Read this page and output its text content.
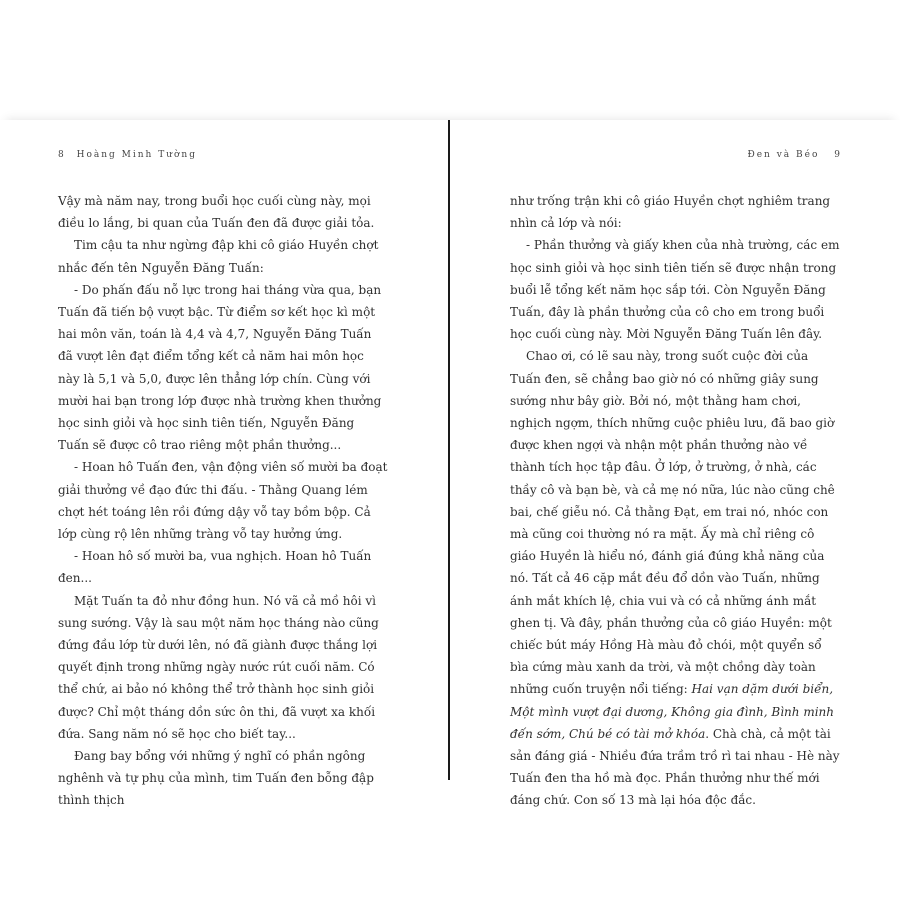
8 Hoàng Minh Tường

Vậy mà năm nay, trong buổi học cuối cùng này, mọi điều lo lắng, bi quan của Tuấn đen đã được giải tỏa.

Tim cậu ta như ngừng đập khi cô giáo Huyền chợt nhắc đến tên Nguyễn Đăng Tuấn:

- Do phấn đấu nỗ lực trong hai tháng vừa qua, bạn Tuấn đã tiến bộ vượt bậc. Từ điểm sơ kết học kì một hai môn văn, toán là 4,4 và 4,7, Nguyễn Đăng Tuấn đã vượt lên đạt điểm tổng kết cả năm hai môn học này là 5,1 và 5,0, được lên thẳng lớp chín. Cùng với mười hai bạn trong lớp được nhà trường khen thưởng học sinh giỏi và học sinh tiên tiến, Nguyễn Đăng Tuấn sẽ được cô trao riêng một phần thưởng...

- Hoan hô Tuấn đen, vận động viên số mười ba đoạt giải thưởng về đạo đức thi đấu. - Thằng Quang lém chợt hét toáng lên rồi đứng dậy vỗ tay bồm bộp. Cả lớp cùng rộ lên những tràng vỗ tay hưởng ứng.

- Hoan hô số mười ba, vua nghịch. Hoan hô Tuấn đen...

Mặt Tuấn ta đỏ như đồng hun. Nó vã cả mồ hôi vì sung sướng. Vậy là sau một năm học tháng nào cũng đứng đầu lớp từ dưới lên, nó đã giành được thắng lợi quyết định trong những ngày nước rút cuối năm. Có thể chứ, ai bảo nó không thể trở thành học sinh giỏi được? Chỉ một tháng dồn sức ôn thi, đã vượt xa khối đứa. Sang năm nó sẽ học cho biết tay...

Đang bay bổng với những ý nghĩ có phần ngông nghênh và tự phụ của mình, tim Tuấn đen bỗng đập thình thịch

Đen và Béo 9

như trống trận khi cô giáo Huyền chợt nghiêm trang nhìn cả lớp và nói:

- Phần thưởng và giấy khen của nhà trường, các em học sinh giỏi và học sinh tiên tiến sẽ được nhận trong buổi lễ tổng kết năm học sắp tới. Còn Nguyễn Đăng Tuấn, đây là phần thưởng của cô cho em trong buổi học cuối cùng này. Mời Nguyễn Đăng Tuấn lên đây.

Chao ơi, có lẽ sau này, trong suốt cuộc đời của Tuấn đen, sẽ chẳng bao giờ nó có những giây sung sướng như bây giờ. Bởi nó, một thằng ham chơi, nghịch ngợm, thích những cuộc phiêu lưu, đã bao giờ được khen ngợi và nhận một phần thưởng nào về thành tích học tập đâu. Ở lớp, ở trường, ở nhà, các thầy cô và bạn bè, và cả mẹ nó nữa, lúc nào cũng chê bai, chế giễu nó. Cả thằng Đạt, em trai nó, nhóc con mà cũng coi thường nó ra mặt. Ấy mà chỉ riêng cô giáo Huyền là hiểu nó, đánh giá đúng khả năng của nó. Tất cả 46 cặp mắt đều đổ dồn vào Tuấn, những ánh mắt khích lệ, chia vui và có cả những ánh mắt ghen tị. Và đây, phần thưởng của cô giáo Huyền: một chiếc bút máy Hồng Hà màu đỏ chói, một quyển sổ bìa cứng màu xanh da trời, và một chồng dày toàn những cuốn truyện nổi tiếng: Hai vạn dặm dưới biển, Một mình vượt đại dương, Không gia đình, Bình minh đến sớm, Chú bé có tài mở khóa. Chà chà, cả một tài sản đáng giá - Nhiều đứa trầm trồ rì tai nhau - Hè này Tuấn đen tha hồ mà đọc. Phần thưởng như thế mới đáng chứ. Con số 13 mà lại hóa độc đắc.
